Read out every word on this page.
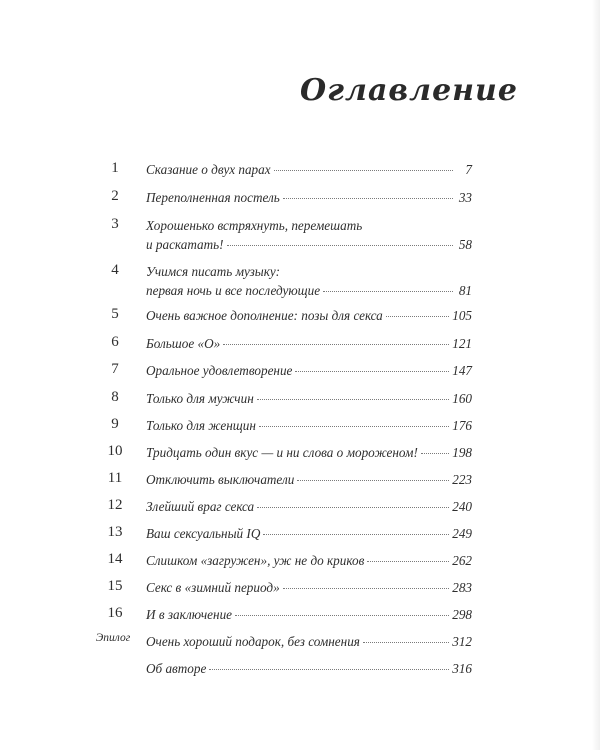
Оглавление
1	Сказание о двух парах	7
2	Переполненная постель	33
3	Хорошенько встряхнуть, перемешать
и раскатать!	58
4	Учимся писать музыку:
первая ночь и все последующие	81
5	Очень важное дополнение: позы для секса	105
6	Большое «О»	121
7	Оральное удовлетворение	147
8	Только для мужчин	160
9	Только для женщин	176
10	Тридцать один вкус — и ни слова о мороженом!	198
11	Отключить выключатели	223
12	Злейший враг секса	240
13	Ваш сексуальный IQ	249
14	Слишком «загружен», уж не до криков	262
15	Секс в «зимний период»	283
16	И в заключение	298
Эпилог	Очень хороший подарок, без сомнения	312
Об авторе	316
